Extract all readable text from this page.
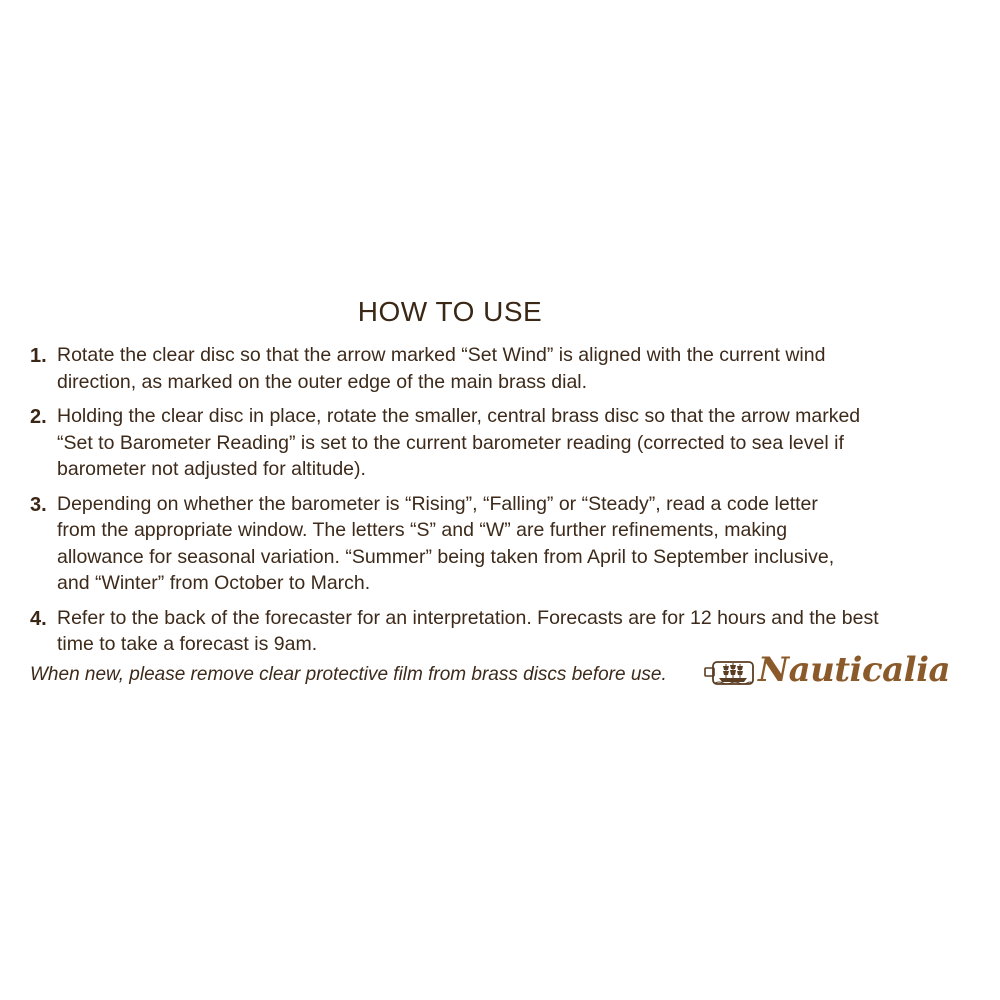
HOW TO USE
1. Rotate the clear disc so that the arrow marked “Set Wind” is aligned with the current wind
direction, as marked on the outer edge of the main brass dial.
2. Holding the clear disc in place, rotate the smaller, central brass disc so that the arrow marked
“Set to Barometer Reading” is set to the current barometer reading (corrected to sea level if
barometer not adjusted for altitude).
3. Depending on whether the barometer is “Rising”, “Falling” or “Steady”, read a code letter
from the appropriate window. The letters “S” and “W” are further refinements, making
allowance for seasonal variation. “Summer” being taken from April to September inclusive,
and “Winter” from October to March.
4. Refer to the back of the forecaster for an interpretation. Forecasts are for 12 hours and the best
time to take a forecast is 9am.
When new, please remove clear protective film from brass discs before use.	Nauticalia
